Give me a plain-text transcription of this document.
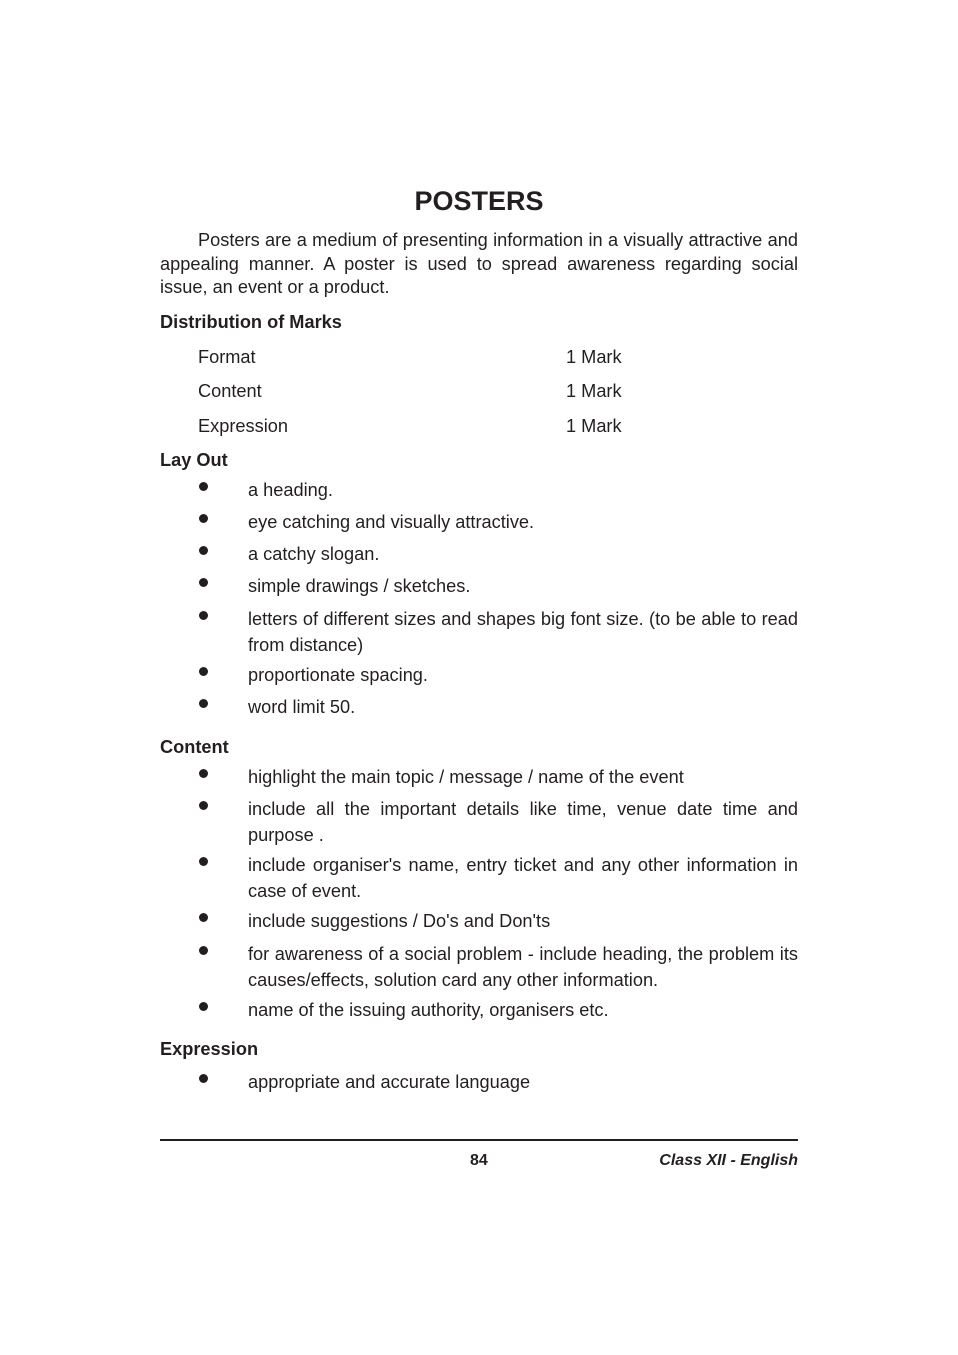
POSTERS

Posters are a medium of presenting information in a visually attractive and appealing manner. A poster is used to spread awareness regarding social issue, an event or a product.

Distribution of Marks
Format	1 Mark
Content	1 Mark
Expression	1 Mark
Lay Out
a heading.
eye catching and visually attractive.
a catchy slogan.
simple drawings / sketches.
letters of different sizes and shapes big font size. (to be able to read from distance)
proportionate spacing.
word limit 50.
Content
highlight the main topic / message / name of the event
include all the important details like time, venue date time and purpose .
include organiser's name, entry ticket and any other information in case of event.
include suggestions / Do's and Don'ts
for awareness of a social problem - include heading, the problem its causes/effects, solution card any other information.
name of the issuing authority, organisers etc.
Expression
appropriate and accurate language
84	Class XII - English
